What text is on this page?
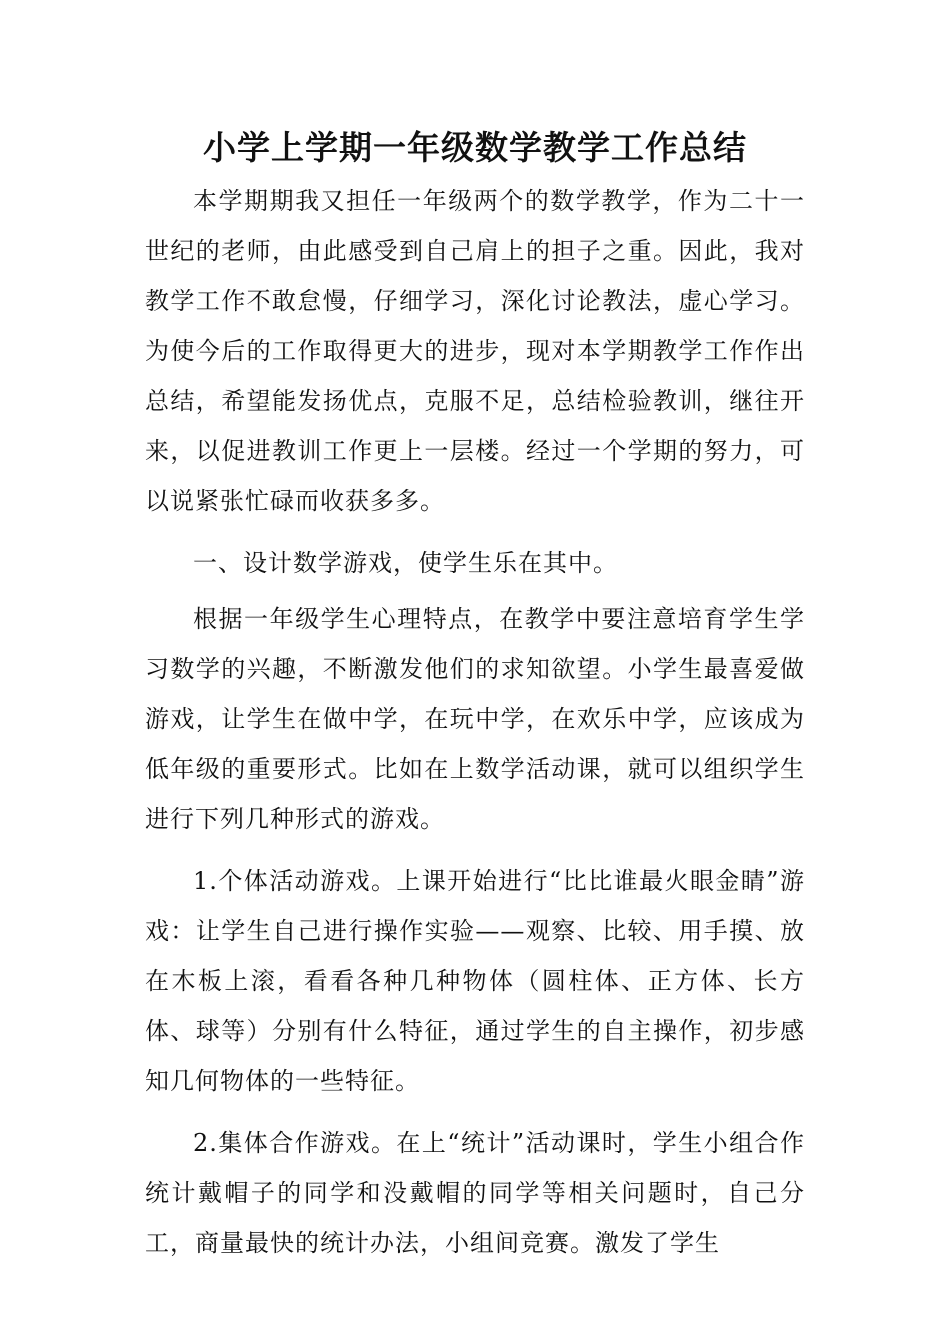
小学上学期一年级数学教学工作总结

本学期期我又担任一年级两个的数学教学，作为二十一世纪的老师，由此感受到自己肩上的担子之重。因此，我对教学工作不敢怠慢，仔细学习，深化讨论教法，虚心学习。为使今后的工作取得更大的进步，现对本学期教学工作作出总结，希望能发扬优点，克服不足，总结检验教训，继往开来，以促进教训工作更上一层楼。经过一个学期的努力，可以说紧张忙碌而收获多多。

一、设计数学游戏，使学生乐在其中。

根据一年级学生心理特点，在教学中要注意培育学生学习数学的兴趣，不断激发他们的求知欲望。小学生最喜爱做游戏，让学生在做中学，在玩中学，在欢乐中学，应该成为低年级的重要形式。比如在上数学活动课，就可以组织学生进行下列几种形式的游戏。

1.个体活动游戏。上课开始进行“比比谁最火眼金睛”游戏：让学生自己进行操作实验——观察、比较、用手摸、放在木板上滚，看看各种几种物体（圆柱体、正方体、长方体、球等）分别有什么特征，通过学生的自主操作，初步感知几何物体的一些特征。

2.集体合作游戏。在上“统计”活动课时，学生小组合作统计戴帽子的同学和没戴帽的同学等相关问题时，自己分工，商量最快的统计办法，小组间竞赛。激发了学生
